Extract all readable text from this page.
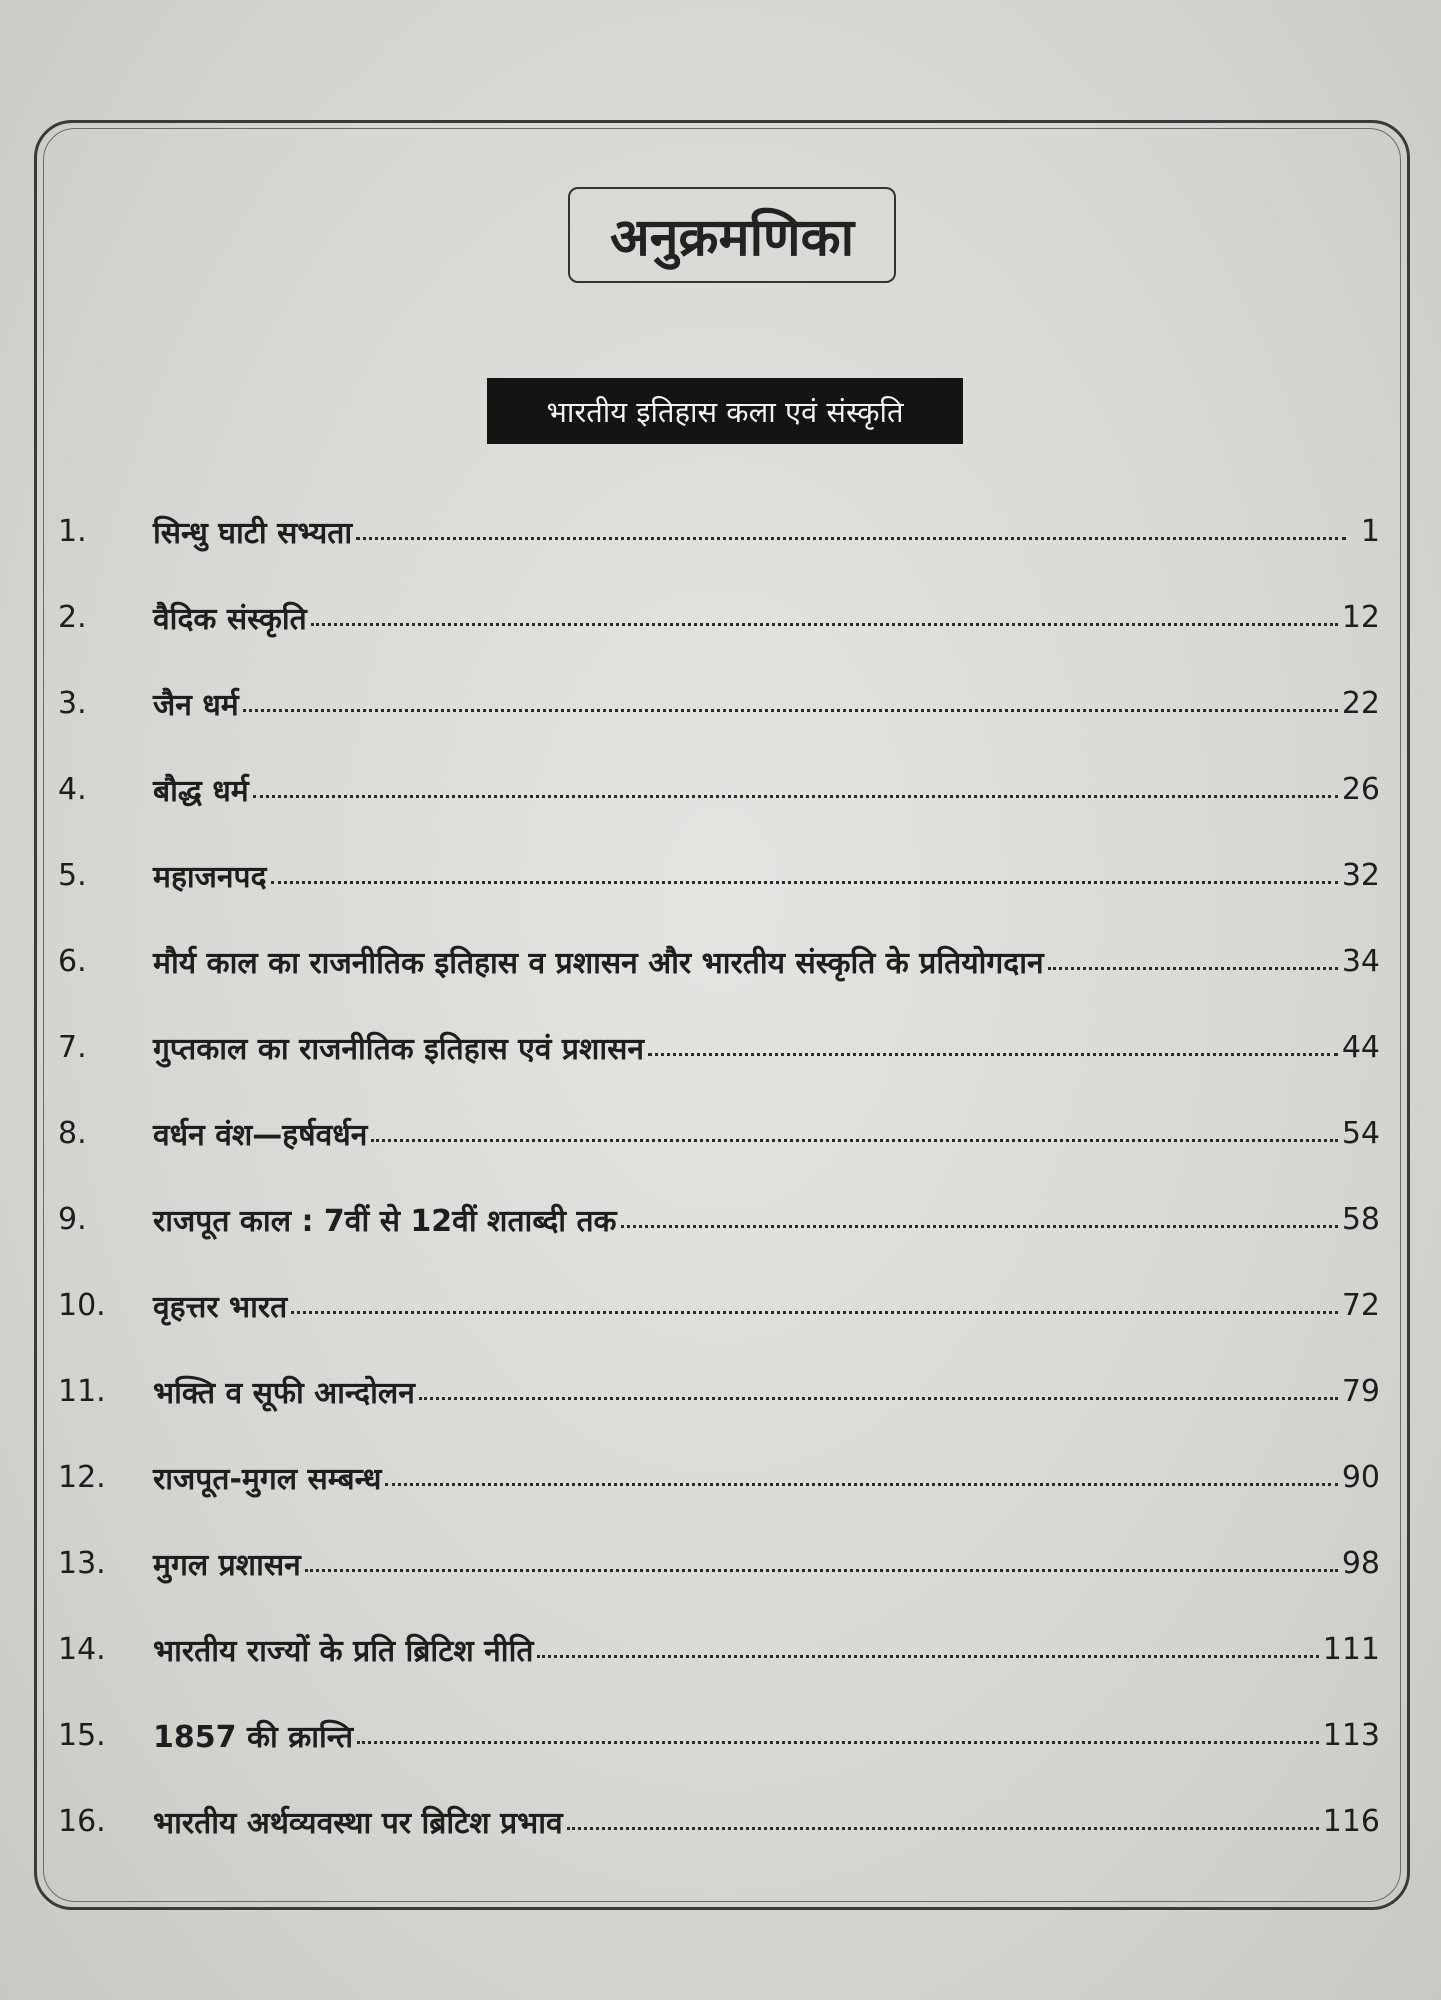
अनुक्रमणिका
भारतीय इतिहास कला एवं संस्कृति
1.	सिन्धु घाटी सभ्यता	1
2.	वैदिक संस्कृति	12
3.	जैन धर्म	22
4.	बौद्ध धर्म	26
5.	महाजनपद	32
6.	मौर्य काल का राजनीतिक इतिहास व प्रशासन और भारतीय संस्कृति के प्रतियोगदान	34
7.	गुप्तकाल का राजनीतिक इतिहास एवं प्रशासन	44
8.	वर्धन वंश—हर्षवर्धन	54
9.	राजपूत काल : 7वीं से 12वीं शताब्दी तक	58
10.	वृहत्तर भारत	72
11.	भक्ति व सूफी आन्दोलन	79
12.	राजपूत-मुगल सम्बन्ध	90
13.	मुगल प्रशासन	98
14.	भारतीय राज्यों के प्रति ब्रिटिश नीति	111
15.	1857 की क्रान्ति	113
16.	भारतीय अर्थव्यवस्था पर ब्रिटिश प्रभाव	116
